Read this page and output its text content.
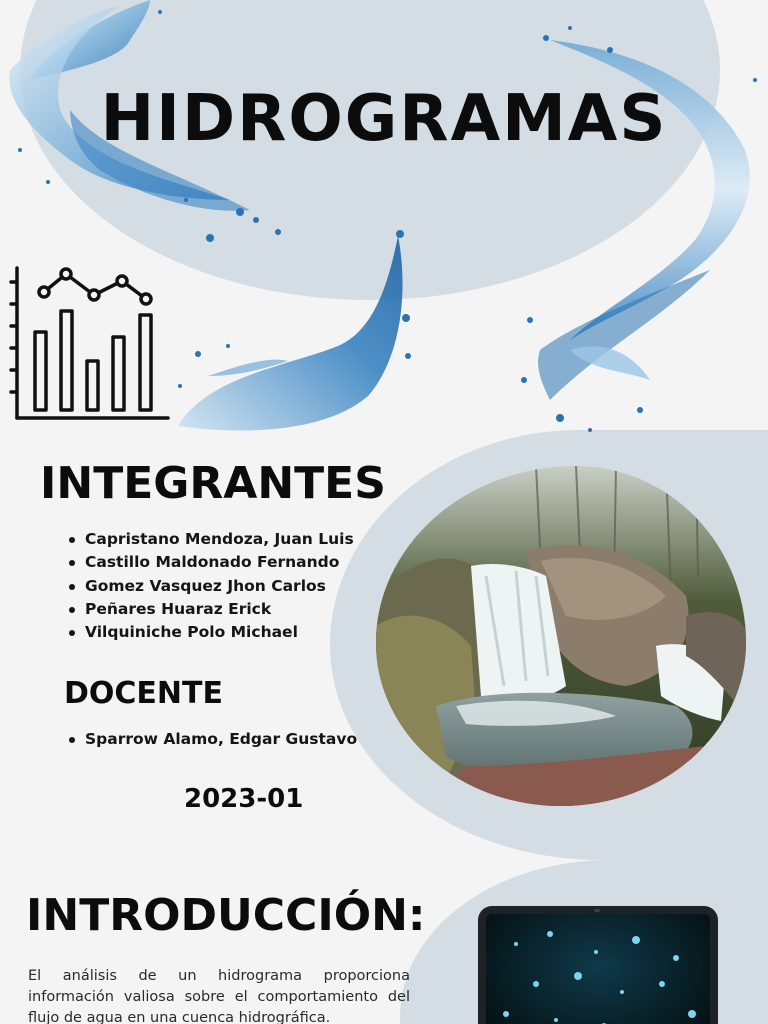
HIDROGRAMAS
INTEGRANTES
Capristano Mendoza, Juan Luis
Castillo Maldonado Fernando
Gomez Vasquez Jhon Carlos
Peñares Huaraz Erick
Vilquiniche Polo Michael
DOCENTE
Sparrow Alamo, Edgar Gustavo
2023-01
INTRODUCCIÓN:

El análisis de un hidrograma proporciona información valiosa sobre el comportamiento del flujo de agua en una cuenca hidrográfica.
